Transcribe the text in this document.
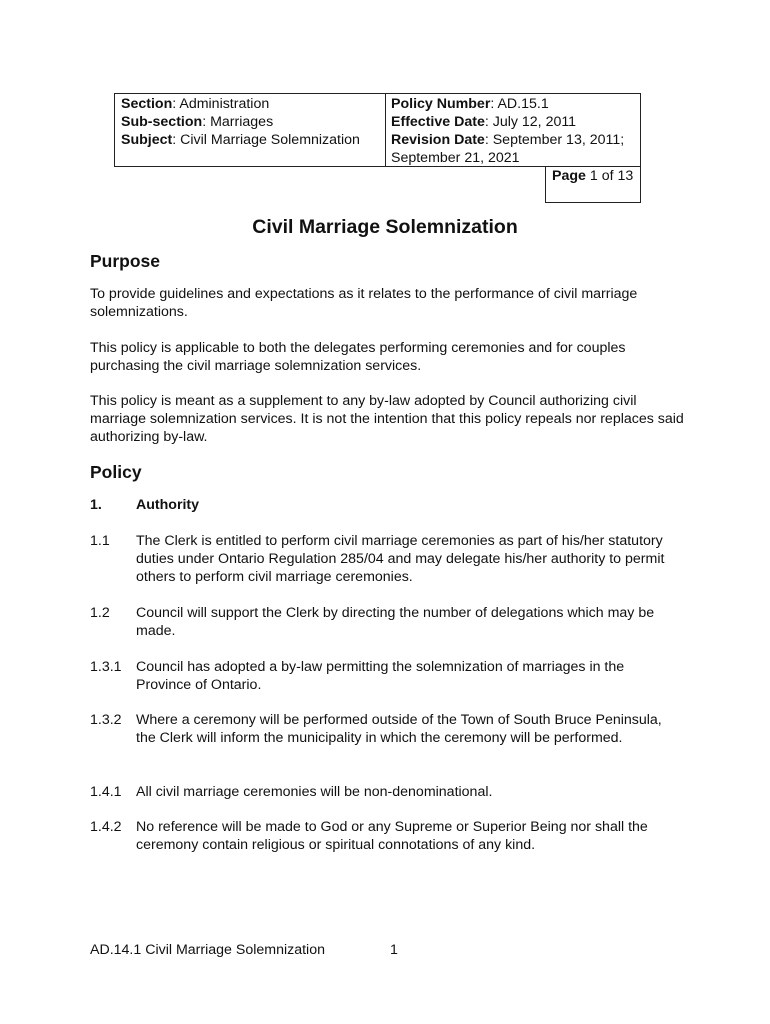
Section: Administration
Sub-section: Marriages
Subject: Civil Marriage Solemnization
Policy Number: AD.15.1
Effective Date: July 12, 2011
Revision Date: September 13, 2011; September 21, 2021
Page 1 of 13
Civil Marriage Solemnization
Purpose
To provide guidelines and expectations as it relates to the performance of civil marriage solemnizations.
This policy is applicable to both the delegates performing ceremonies and for couples purchasing the civil marriage solemnization services.
This policy is meant as a supplement to any by-law adopted by Council authorizing civil marriage solemnization services. It is not the intention that this policy repeals nor replaces said authorizing by-law.
Policy
1. Authority
1.1 The Clerk is entitled to perform civil marriage ceremonies as part of his/her statutory duties under Ontario Regulation 285/04 and may delegate his/her authority to permit others to perform civil marriage ceremonies.
1.2 Council will support the Clerk by directing the number of delegations which may be made.
1.3.1 Council has adopted a by-law permitting the solemnization of marriages in the Province of Ontario.
1.3.2 Where a ceremony will be performed outside of the Town of South Bruce Peninsula, the Clerk will inform the municipality in which the ceremony will be performed.
1.4.1 All civil marriage ceremonies will be non-denominational.
1.4.2 No reference will be made to God or any Supreme or Superior Being nor shall the ceremony contain religious or spiritual connotations of any kind.
AD.14.1 Civil Marriage Solemnization	1
